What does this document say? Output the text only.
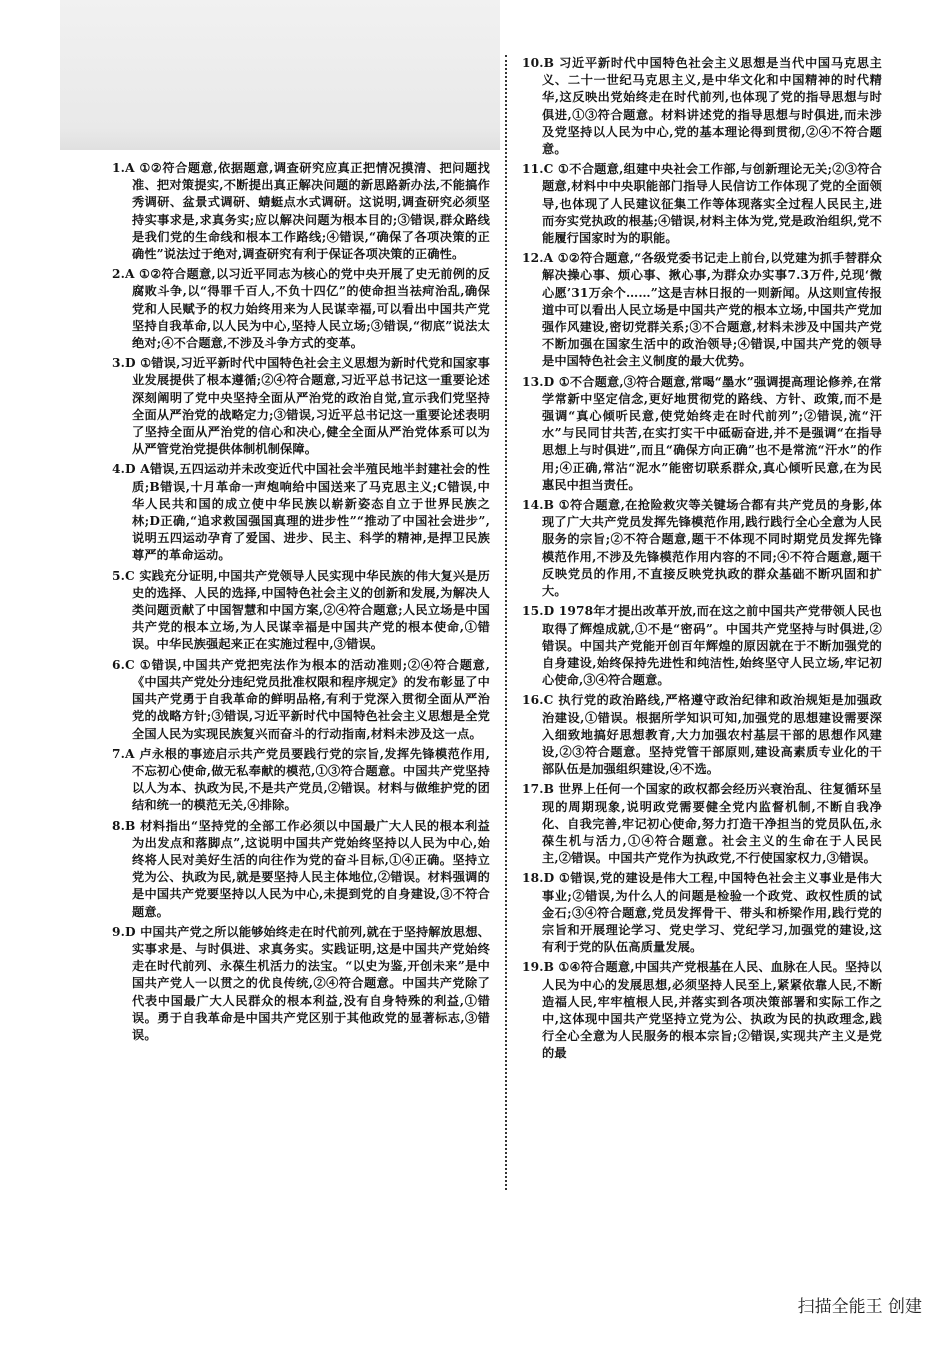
1.A ①②符合题意,依据题意,调查研究应真正把情况摸清、把问题找准、把对策提实,不断提出真正解决问题的新思路新办法,不能搞作秀调研、盆景式调研、蜻蜓点水式调研。这说明,调查研究必须坚持实事求是,求真务实;应以解决问题为根本目的;③错误,群众路线是我们党的生命线和根本工作路线;④错误,“确保了各项决策的正确性”说法过于绝对,调查研究有利于保证各项决策的正确性。

2.A ①②符合题意,以习近平同志为核心的党中央开展了史无前例的反腐败斗争,以“得罪千百人,不负十四亿”的使命担当祛疴治乱,确保党和人民赋予的权力始终用来为人民谋幸福,可以看出中国共产党坚持自我革命,以人民为中心,坚持人民立场;③错误,“彻底”说法太绝对;④不合题意,不涉及斗争方式的变革。

3.D ①错误,习近平新时代中国特色社会主义思想为新时代党和国家事业发展提供了根本遵循;②④符合题意,习近平总书记这一重要论述深刻阐明了党中央坚持全面从严治党的政治自觉,宣示我们党坚持全面从严治党的战略定力;③错误,习近平总书记这一重要论述表明了坚持全面从严治党的信心和决心,健全全面从严治党体系可以为从严管党治党提供体制机制保障。

4.D A错误,五四运动并未改变近代中国社会半殖民地半封建社会的性质;B错误,十月革命一声炮响给中国送来了马克思主义;C错误,中华人民共和国的成立使中华民族以崭新姿态自立于世界民族之林;D正确,“追求救国强国真理的进步性”“推动了中国社会进步”,说明五四运动孕育了爱国、进步、民主、科学的精神,是捍卫民族尊严的革命运动。

5.C 实践充分证明,中国共产党领导人民实现中华民族的伟大复兴是历史的选择、人民的选择,中国特色社会主义的创新和发展,为解决人类问题贡献了中国智慧和中国方案,②④符合题意;人民立场是中国共产党的根本立场,为人民谋幸福是中国共产党的根本使命,①错误。中华民族强起来正在实施过程中,③错误。

6.C ①错误,中国共产党把宪法作为根本的活动准则;②④符合题意,《中国共产党处分违纪党员批准权限和程序规定》的发布彰显了中国共产党勇于自我革命的鲜明品格,有利于党深入贯彻全面从严治党的战略方针;③错误,习近平新时代中国特色社会主义思想是全党全国人民为实现民族复兴而奋斗的行动指南,材料未涉及这一点。

7.A 卢永根的事迹启示共产党员要践行党的宗旨,发挥先锋模范作用,不忘初心使命,做无私奉献的模范,①③符合题意。中国共产党坚持以人为本、执政为民,不是共产党员,②错误。材料与做维护党的团结和统一的模范无关,④排除。

8.B 材料指出“坚持党的全部工作必须以中国最广大人民的根本利益为出发点和落脚点”,这说明中国共产党始终坚持以人民为中心,始终将人民对美好生活的向往作为党的奋斗目标,①④正确。坚持立党为公、执政为民,就是要坚持人民主体地位,②错误。材料强调的是中国共产党要坚持以人民为中心,未提到党的自身建设,③不符合题意。

9.D 中国共产党之所以能够始终走在时代前列,就在于坚持解放思想、实事求是、与时俱进、求真务实。实践证明,这是中国共产党始终走在时代前列、永葆生机活力的法宝。“以史为鉴,开创未来”是中国共产党人一以贯之的优良传统,②④符合题意。中国共产党除了代表中国最广大人民群众的根本利益,没有自身特殊的利益,①错误。勇于自我革命是中国共产党区别于其他政党的显著标志,③错误。

10.B 习近平新时代中国特色社会主义思想是当代中国马克思主义、二十一世纪马克思主义,是中华文化和中国精神的时代精华,这反映出党始终走在时代前列,也体现了党的指导思想与时俱进,①③符合题意。材料讲述党的指导思想与时俱进,而未涉及党坚持以人民为中心,党的基本理论得到贯彻,②④不符合题意。

11.C ①不合题意,组建中央社会工作部,与创新理论无关;②③符合题意,材料中中央职能部门指导人民信访工作体现了党的全面领导,也体现了人民建议征集工作等体现落实全过程人民民主,进而夯实党执政的根基;④错误,材料主体为党,党是政治组织,党不能履行国家时为的职能。

12.A ①②符合题意,“各级党委书记走上前台,以党建为抓手替群众解决操心事、烦心事、揪心事,为群众办实事7.3万件,兑现‘微心愿’31万余个……”这是吉林日报的一则新闻。从这则宣传报道中可以看出人民立场是中国共产党的根本立场,中国共产党加强作风建设,密切党群关系;③不合题意,材料未涉及中国共产党不断加强在国家生活中的政治领导;④错误,中国共产党的领导是中国特色社会主义制度的最大优势。

13.D ①不合题意,③符合题意,常喝“墨水”强调提高理论修养,在常学常新中坚定信念,更好地贯彻党的路线、方针、政策,而不是强调“真心倾听民意,使党始终走在时代前列”;②错误,流“汗水”与民同甘共苦,在实打实干中砥砺奋进,并不是强调“在指导思想上与时俱进”,而且“确保方向正确”也不是常流“汗水”的作用;④正确,常沾“泥水”能密切联系群众,真心倾听民意,在为民惠民中担当责任。

14.B ①符合题意,在抢险救灾等关键场合都有共产党员的身影,体现了广大共产党员发挥先锋模范作用,践行践行全心全意为人民服务的宗旨;②不符合题意,题干不体现不同时期党员发挥先锋模范作用,不涉及先锋模范作用内容的不同;④不符合题意,题干反映党员的作用,不直接反映党执政的群众基础不断巩固和扩大。

15.D 1978年才提出改革开放,而在这之前中国共产党带领人民也取得了辉煌成就,①不是“密码”。中国共产党坚持与时俱进,②错误。中国共产党能开创百年辉煌的原因就在于不断加强党的自身建设,始终保持先进性和纯洁性,始终坚守人民立场,牢记初心使命,③④符合题意。

16.C 执行党的政治路线,严格遵守政治纪律和政治规矩是加强政治建设,①错误。根据所学知识可知,加强党的思想建设需要深入细致地搞好思想教育,大力加强农村基层干部的思想作风建设,②③符合题意。坚持党管干部原则,建设高素质专业化的干部队伍是加强组织建设,④不选。

17.B 世界上任何一个国家的政权都会经历兴衰治乱、往复循环呈现的周期现象,说明政党需要健全党内监督机制,不断自我净化、自我完善,牢记初心使命,努力打造干净担当的党员队伍,永葆生机与活力,①④符合题意。社会主义的生命在于人民民主,②错误。中国共产党作为执政党,不行使国家权力,③错误。

18.D ①错误,党的建设是伟大工程,中国特色社会主义事业是伟大事业;②错误,为什么人的问题是检验一个政党、政权性质的试金石;③④符合题意,党员发挥骨干、带头和桥梁作用,践行党的宗旨和开展理论学习、党史学习、党纪学习,加强党的建设,这有利于党的队伍高质量发展。

19.B ①④符合题意,中国共产党根基在人民、血脉在人民。坚持以人民为中心的发展思想,必须坚持人民至上,紧紧依靠人民,不断造福人民,牢牢植根人民,并落实到各项决策部署和实际工作之中,这体现中国共产党坚持立党为公、执政为民的执政理念,践行全心全意为人民服务的根本宗旨;②错误,实现共产主义是党的最

扫描全能王 创建
